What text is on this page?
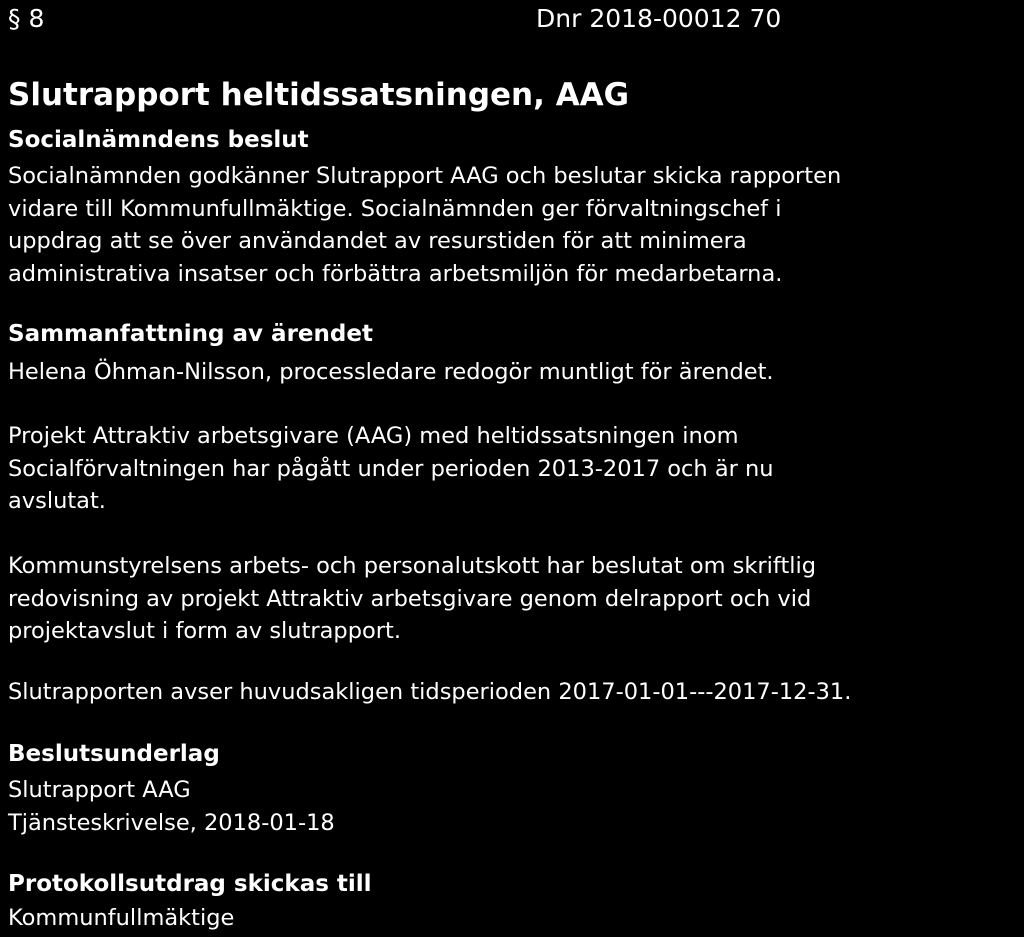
§ 8	Dnr 2018-00012 70
Slutrapport heltidssatsningen, AAG
Socialnämndens beslut
Socialnämnden godkänner Slutrapport AAG och beslutar skicka rapporten
vidare till Kommunfullmäktige. Socialnämnden ger förvaltningschef i
uppdrag att se över användandet av resurstiden för att minimera
administrativa insatser och förbättra arbetsmiljön för medarbetarna.
Sammanfattning av ärendet
Helena Öhman-Nilsson, processledare redogör muntligt för ärendet.
Projekt Attraktiv arbetsgivare (AAG) med heltidssatsningen inom
Socialförvaltningen har pågått under perioden 2013-2017 och är nu
avslutat.
Kommunstyrelsens arbets- och personalutskott har beslutat om skriftlig
redovisning av projekt Attraktiv arbetsgivare genom delrapport och vid
projektavslut i form av slutrapport.
Slutrapporten avser huvudsakligen tidsperioden 2017-01-01---2017-12-31.
Beslutsunderlag
Slutrapport AAG
Tjänsteskrivelse, 2018-01-18
Protokollsutdrag skickas till
Kommunfullmäktige
